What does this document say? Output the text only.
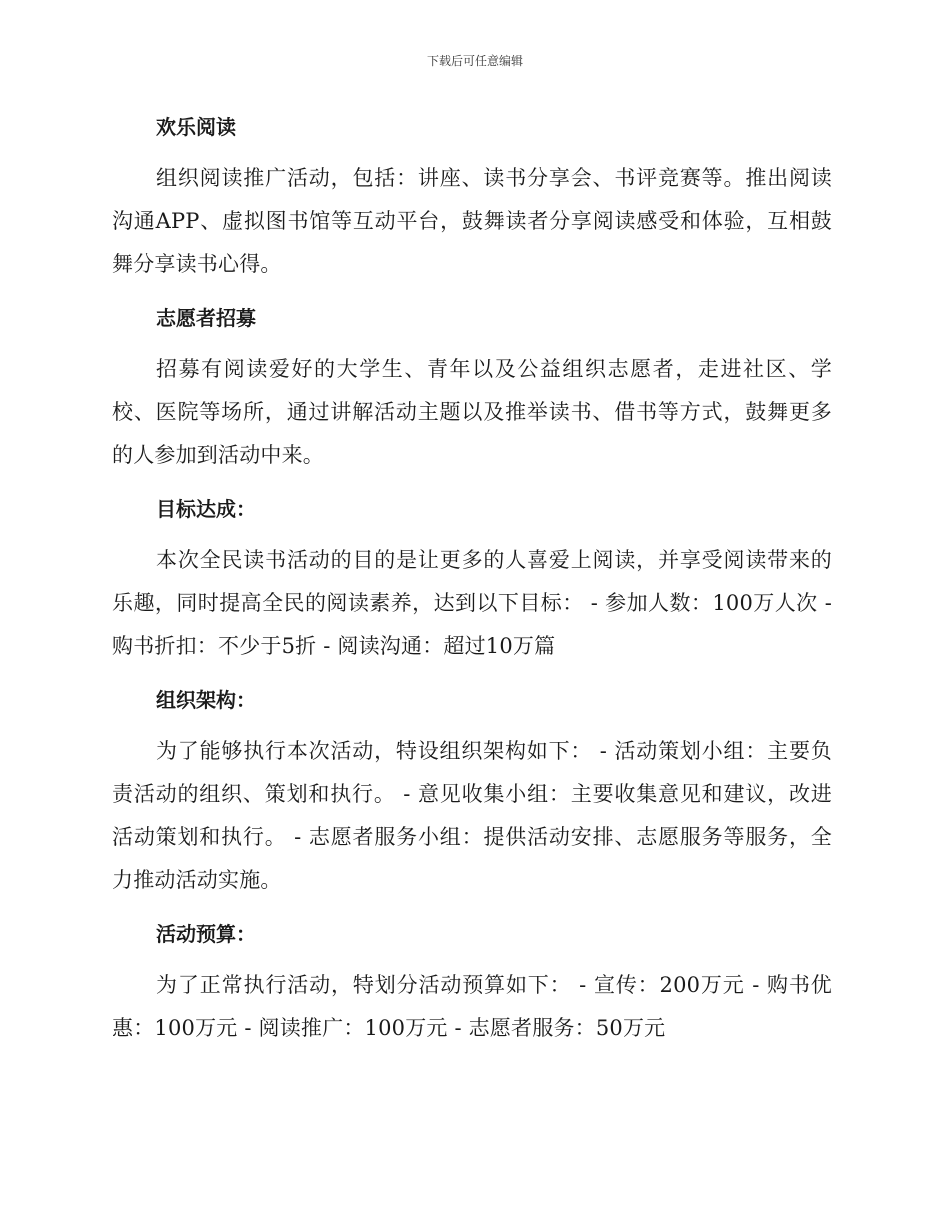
下载后可任意编辑
欢乐阅读

组织阅读推广活动，包括：讲座、读书分享会、书评竞赛等。推出阅读沟通APP、虚拟图书馆等互动平台，鼓舞读者分享阅读感受和体验，互相鼓舞分享读书心得。

志愿者招募

招募有阅读爱好的大学生、青年以及公益组织志愿者，走进社区、学校、医院等场所，通过讲解活动主题以及推举读书、借书等方式，鼓舞更多的人参加到活动中来。

目标达成：

本次全民读书活动的目的是让更多的人喜爱上阅读，并享受阅读带来的乐趣，同时提高全民的阅读素养，达到以下目标： - 参加人数：100万人次 - 购书折扣：不少于5折 - 阅读沟通：超过10万篇

组织架构：

为了能够执行本次活动，特设组织架构如下： - 活动策划小组：主要负责活动的组织、策划和执行。 - 意见收集小组：主要收集意见和建议，改进活动策划和执行。 - 志愿者服务小组：提供活动安排、志愿服务等服务，全力推动活动实施。

活动预算：

为了正常执行活动，特划分活动预算如下： - 宣传：200万元 - 购书优惠：100万元 - 阅读推广：100万元 - 志愿者服务：50万元
